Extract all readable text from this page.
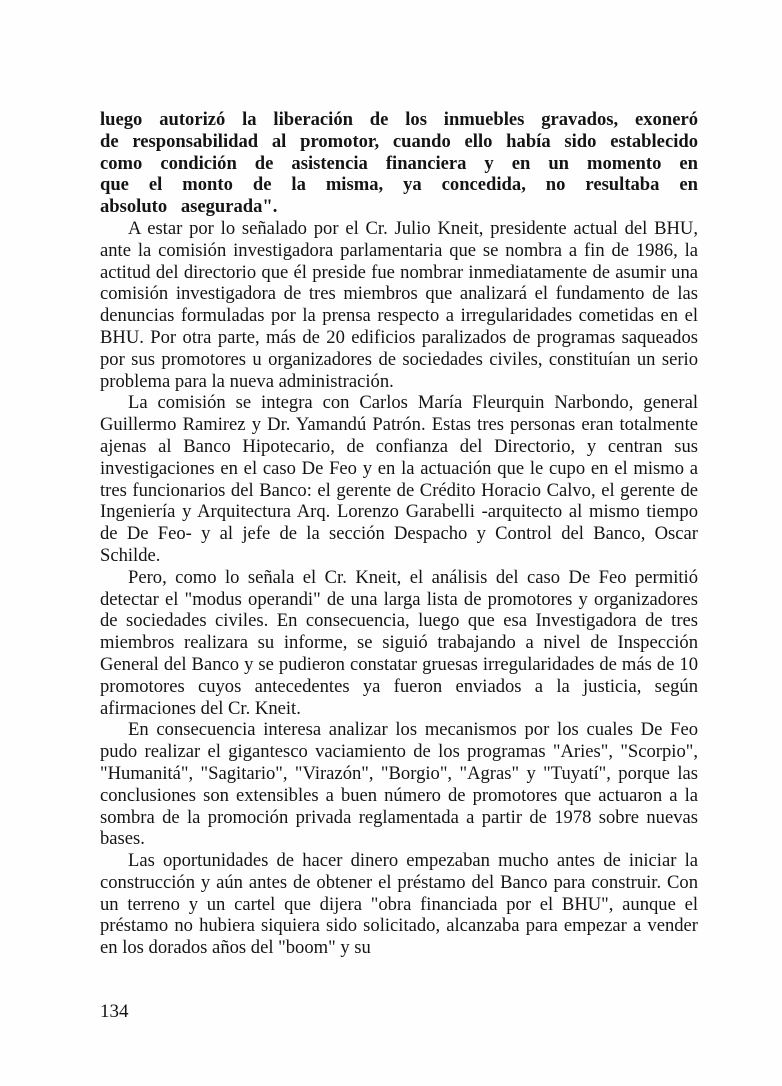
luego autorizó la liberación de los inmuebles gravados, exoneró de responsabilidad al promotor, cuando ello había sido establecido como condición de asistencia financiera y en un momento en que el monto de la misma, ya concedida, no resultaba en absoluto asegurada".

A estar por lo señalado por el Cr. Julio Kneit, presidente actual del BHU, ante la comisión investigadora parlamentaria que se nombra a fin de 1986, la actitud del directorio que él preside fue nombrar inmediatamente de asumir una comisión investigadora de tres miembros que analizará el fundamento de las denuncias formuladas por la prensa respecto a irregularidades cometidas en el BHU. Por otra parte, más de 20 edificios paralizados de programas saqueados por sus promotores u organizadores de sociedades civiles, constituían un serio problema para la nueva administración.

La comisión se integra con Carlos María Fleurquin Narbondo, general Guillermo Ramirez y Dr. Yamandú Patrón. Estas tres personas eran totalmente ajenas al Banco Hipotecario, de confianza del Directorio, y centran sus investigaciones en el caso De Feo y en la actuación que le cupo en el mismo a tres funcionarios del Banco: el gerente de Crédito Horacio Calvo, el gerente de Ingeniería y Arquitectura Arq. Lorenzo Garabelli -arquitecto al mismo tiempo de De Feo- y al jefe de la sección Despacho y Control del Banco, Oscar Schilde.

Pero, como lo señala el Cr. Kneit, el análisis del caso De Feo permitió detectar el "modus operandi" de una larga lista de promotores y organizadores de sociedades civiles. En consecuencia, luego que esa Investigadora de tres miembros realizara su informe, se siguió trabajando a nivel de Inspección General del Banco y se pudieron constatar gruesas irregularidades de más de 10 promotores cuyos antecedentes ya fueron enviados a la justicia, según afirmaciones del Cr. Kneit.

En consecuencia interesa analizar los mecanismos por los cuales De Feo pudo realizar el gigantesco vaciamiento de los programas "Aries", "Scorpio", "Humanitá", "Sagitario", "Virazón", "Borgio", "Agras" y "Tuyatí", porque las conclusiones son extensibles a buen número de promotores que actuaron a la sombra de la promoción privada reglamentada a partir de 1978 sobre nuevas bases.

Las oportunidades de hacer dinero empezaban mucho antes de iniciar la construcción y aún antes de obtener el préstamo del Banco para construir. Con un terreno y un cartel que dijera "obra financiada por el BHU", aunque el préstamo no hubiera siquiera sido solicitado, alcanzaba para empezar a vender en los dorados años del "boom" y su

134
